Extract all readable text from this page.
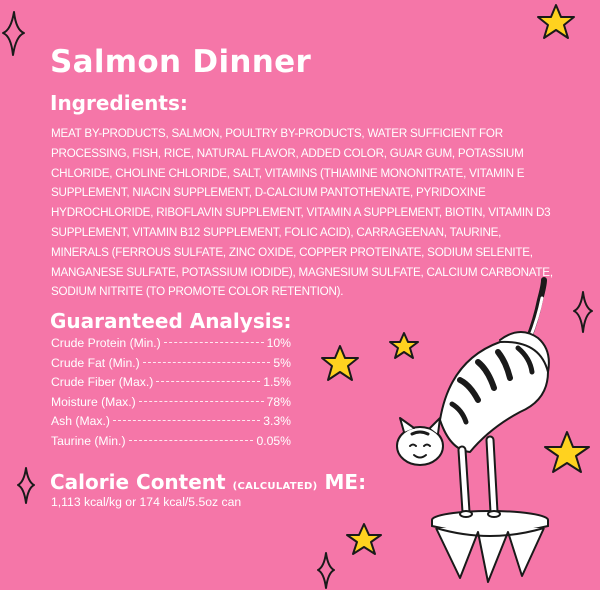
Salmon Dinner
Ingredients:
MEAT BY-PRODUCTS, SALMON, POULTRY BY-PRODUCTS, WATER SUFFICIENT FOR PROCESSING, FISH, RICE, NATURAL FLAVOR, ADDED COLOR, GUAR GUM, POTASSIUM CHLORIDE, CHOLINE CHLORIDE, SALT, VITAMINS (THIAMINE MONONITRATE, VITAMIN E SUPPLEMENT, NIACIN SUPPLEMENT, D-CALCIUM PANTOTHENATE, PYRIDOXINE HYDROCHLORIDE, RIBOFLAVIN SUPPLEMENT, VITAMIN A SUPPLEMENT, BIOTIN, VITAMIN D3 SUPPLEMENT, VITAMIN B12 SUPPLEMENT, FOLIC ACID), CARRAGEENAN, TAURINE, MINERALS (FERROUS SULFATE, ZINC OXIDE, COPPER PROTEINATE, SODIUM SELENITE, MANGANESE SULFATE, POTASSIUM IODIDE), MAGNESIUM SULFATE, CALCIUM CARBONATE, SODIUM NITRITE (TO PROMOTE COLOR RETENTION).
Guaranteed Analysis:
Crude Protein (Min.)	10%
Crude Fat (Min.)	5%
Crude Fiber (Max.)	1.5%
Moisture (Max.)	78%
Ash (Max.)	3.3%
Taurine (Min.)	0.05%
Calorie Content (CALCULATED) ME:
1,113 kcal/kg or 174 kcal/5.5oz can
